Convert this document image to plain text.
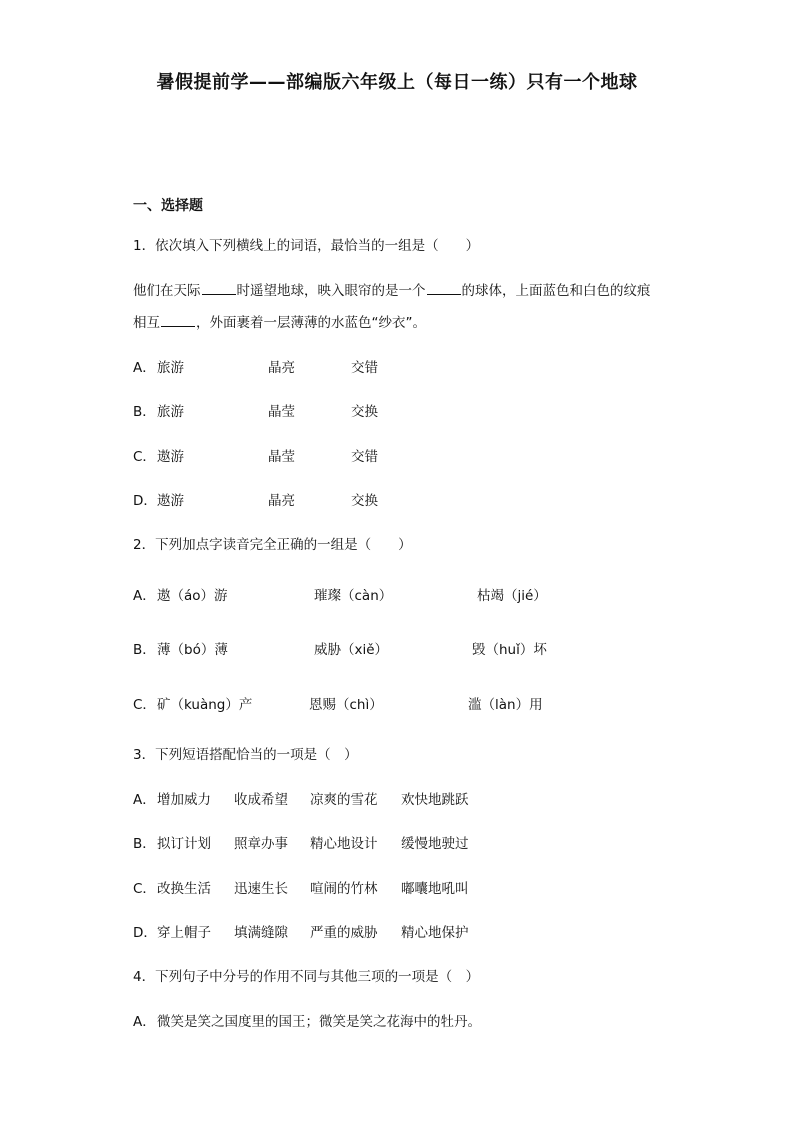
暑假提前学——部编版六年级上（每日一练）只有一个地球
一、选择题
1．依次填入下列横线上的词语，最恰当的一组是（　　）
他们在天际	时遥望地球，映入眼帘的是一个	的球体，上面蓝色和白色的纹痕
相互	，外面裹着一层薄薄的水蓝色“纱衣”。
A． 旅游	晶亮	交错
B． 旅游	晶莹	交换
C． 遨游	晶莹	交错
D． 遨游	晶亮	交换
2．下列加点字读音完全正确的一组是（　　）
A． 遨（áo）游	璀璨（càn）	枯竭（jié）
B． 薄（bó）薄	威胁（xiě）	毁（huǐ）坏
C． 矿（kuàng）产	恩赐（chì）	滥（làn）用
3．下列短语搭配恰当的一项是（　）
A． 增加威力 收成希望 凉爽的雪花 欢快地跳跃
B． 拟订计划 照章办事 精心地设计 缓慢地驶过
C． 改换生活 迅速生长 喧闹的竹林 嘟囔地吼叫
D． 穿上帽子 填满缝隙 严重的威胁 精心地保护
4．下列句子中分号的作用不同与其他三项的一项是（　）
A． 微笑是笑之国度里的国王；微笑是笑之花海中的牡丹。
